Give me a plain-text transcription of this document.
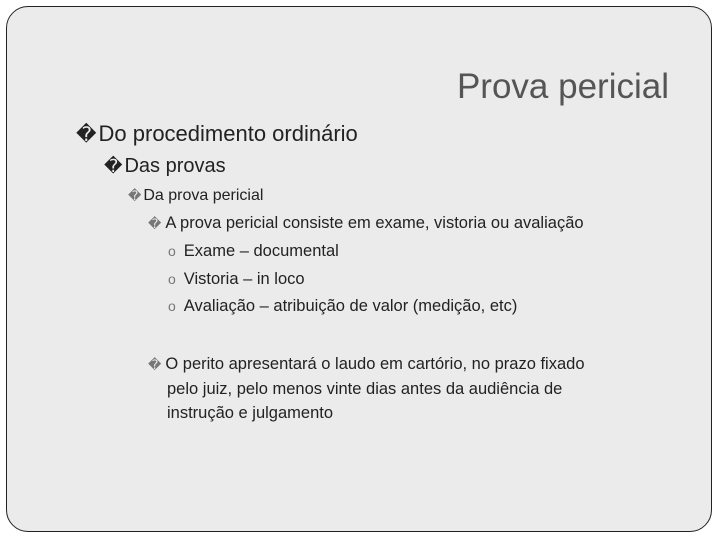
Prova pericial
�Do procedimento ordinário
� Das provas
� Da prova pericial
� A prova pericial consiste em exame, vistoria ou avaliação
o Exame – documental
o Vistoria – in loco
o Avaliação – atribuição de valor (medição, etc)
� O perito apresentará o laudo em cartório, no prazo fixado
pelo juiz, pelo menos vinte dias antes da audiência de
instrução e julgamento
